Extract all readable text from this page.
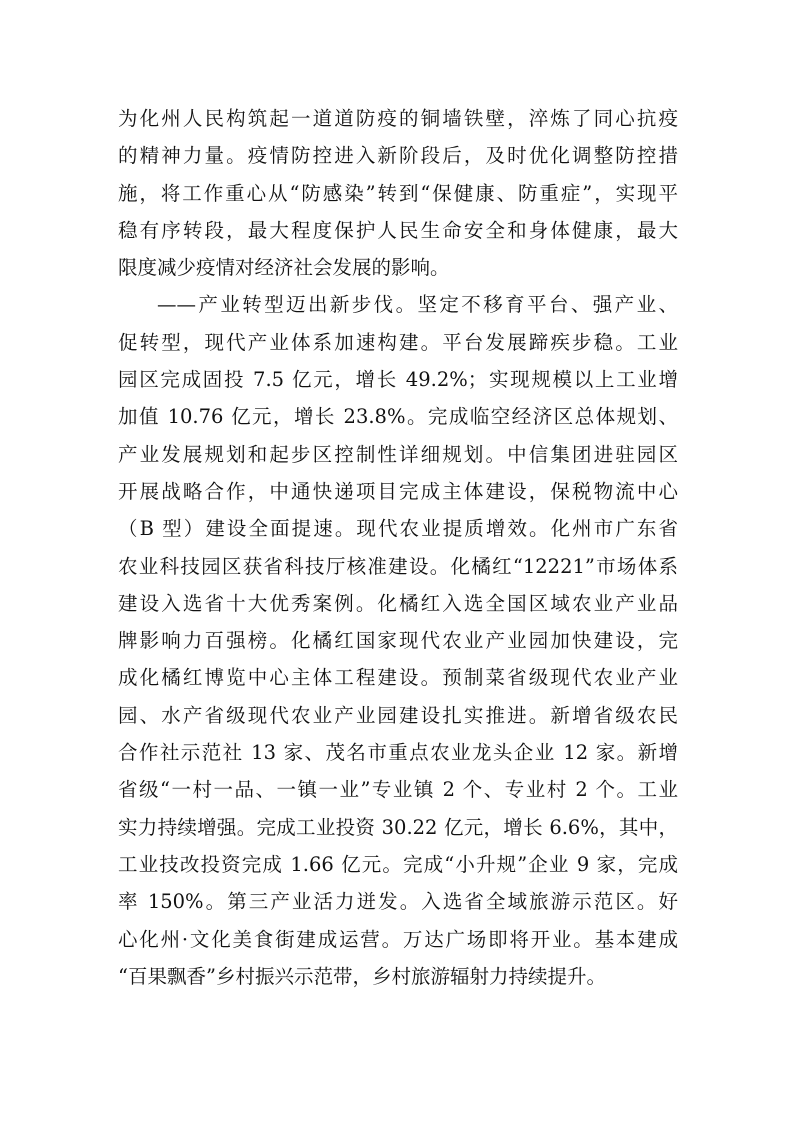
为化州人民构筑起一道道防疫的铜墙铁壁，淬炼了同心抗疫
的精神力量。疫情防控进入新阶段后，及时优化调整防控措
施，将工作重心从“防感染”转到“保健康、防重症”，实现平
稳有序转段，最大程度保护人民生命安全和身体健康，最大
限度减少疫情对经济社会发展的影响。
——产业转型迈出新步伐。坚定不移育平台、强产业、
促转型，现代产业体系加速构建。平台发展蹄疾步稳。工业
园区完成固投 7.5 亿元，增长 49.2%；实现规模以上工业增
加值 10.76 亿元，增长 23.8%。完成临空经济区总体规划、
产业发展规划和起步区控制性详细规划。中信集团进驻园区
开展战略合作，中通快递项目完成主体建设，保税物流中心
（B 型）建设全面提速。现代农业提质增效。化州市广东省
农业科技园区获省科技厅核准建设。化橘红“12221”市场体系
建设入选省十大优秀案例。化橘红入选全国区域农业产业品
牌影响力百强榜。化橘红国家现代农业产业园加快建设，完
成化橘红博览中心主体工程建设。预制菜省级现代农业产业
园、水产省级现代农业产业园建设扎实推进。新增省级农民
合作社示范社 13 家、茂名市重点农业龙头企业 12 家。新增
省级“一村一品、一镇一业”专业镇 2 个、专业村 2 个。工业
实力持续增强。完成工业投资 30.22 亿元，增长 6.6%，其中，
工业技改投资完成 1.66 亿元。完成“小升规”企业 9 家，完成
率 150%。第三产业活力迸发。入选省全域旅游示范区。好
心化州·文化美食街建成运营。万达广场即将开业。基本建成
“百果飘香”乡村振兴示范带，乡村旅游辐射力持续提升。
